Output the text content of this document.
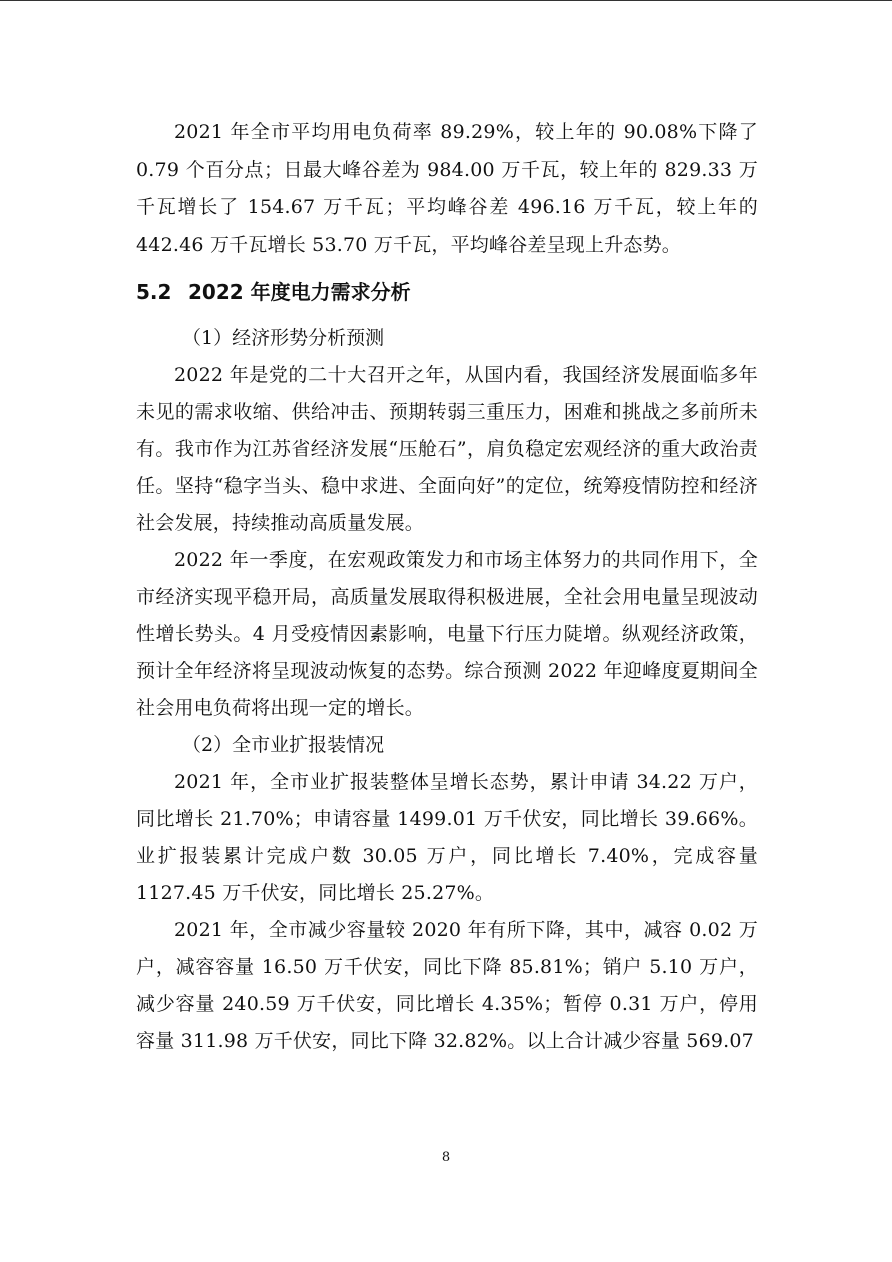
2021 年全市平均用电负荷率 89.29%，较上年的 90.08%下降了 0.79 个百分点；日最大峰谷差为 984.00 万千瓦，较上年的 829.33 万千瓦增长了 154.67 万千瓦；平均峰谷差 496.16 万千瓦，较上年的 442.46 万千瓦增长 53.70 万千瓦，平均峰谷差呈现上升态势。

5.2 2022 年度电力需求分析

（1）经济形势分析预测

2022 年是党的二十大召开之年，从国内看，我国经济发展面临多年未见的需求收缩、供给冲击、预期转弱三重压力，困难和挑战之多前所未有。我市作为江苏省经济发展“压舱石”，肩负稳定宏观经济的重大政治责任。坚持“稳字当头、稳中求进、全面向好”的定位，统筹疫情防控和经济社会发展，持续推动高质量发展。

2022 年一季度，在宏观政策发力和市场主体努力的共同作用下，全市经济实现平稳开局，高质量发展取得积极进展，全社会用电量呈现波动性增长势头。4 月受疫情因素影响，电量下行压力陡增。纵观经济政策，预计全年经济将呈现波动恢复的态势。综合预测 2022 年迎峰度夏期间全社会用电负荷将出现一定的增长。

（2）全市业扩报装情况

2021 年，全市业扩报装整体呈增长态势，累计申请 34.22 万户，同比增长 21.70%；申请容量 1499.01 万千伏安，同比增长 39.66%。业扩报装累计完成户数 30.05 万户，同比增长 7.40%，完成容量 1127.45 万千伏安，同比增长 25.27%。

2021 年，全市减少容量较 2020 年有所下降，其中，减容 0.02 万户，减容容量 16.50 万千伏安，同比下降 85.81%；销户 5.10 万户，减少容量 240.59 万千伏安，同比增长 4.35%；暂停 0.31 万户，停用容量 311.98 万千伏安，同比下降 32.82%。以上合计减少容量 569.07

8
